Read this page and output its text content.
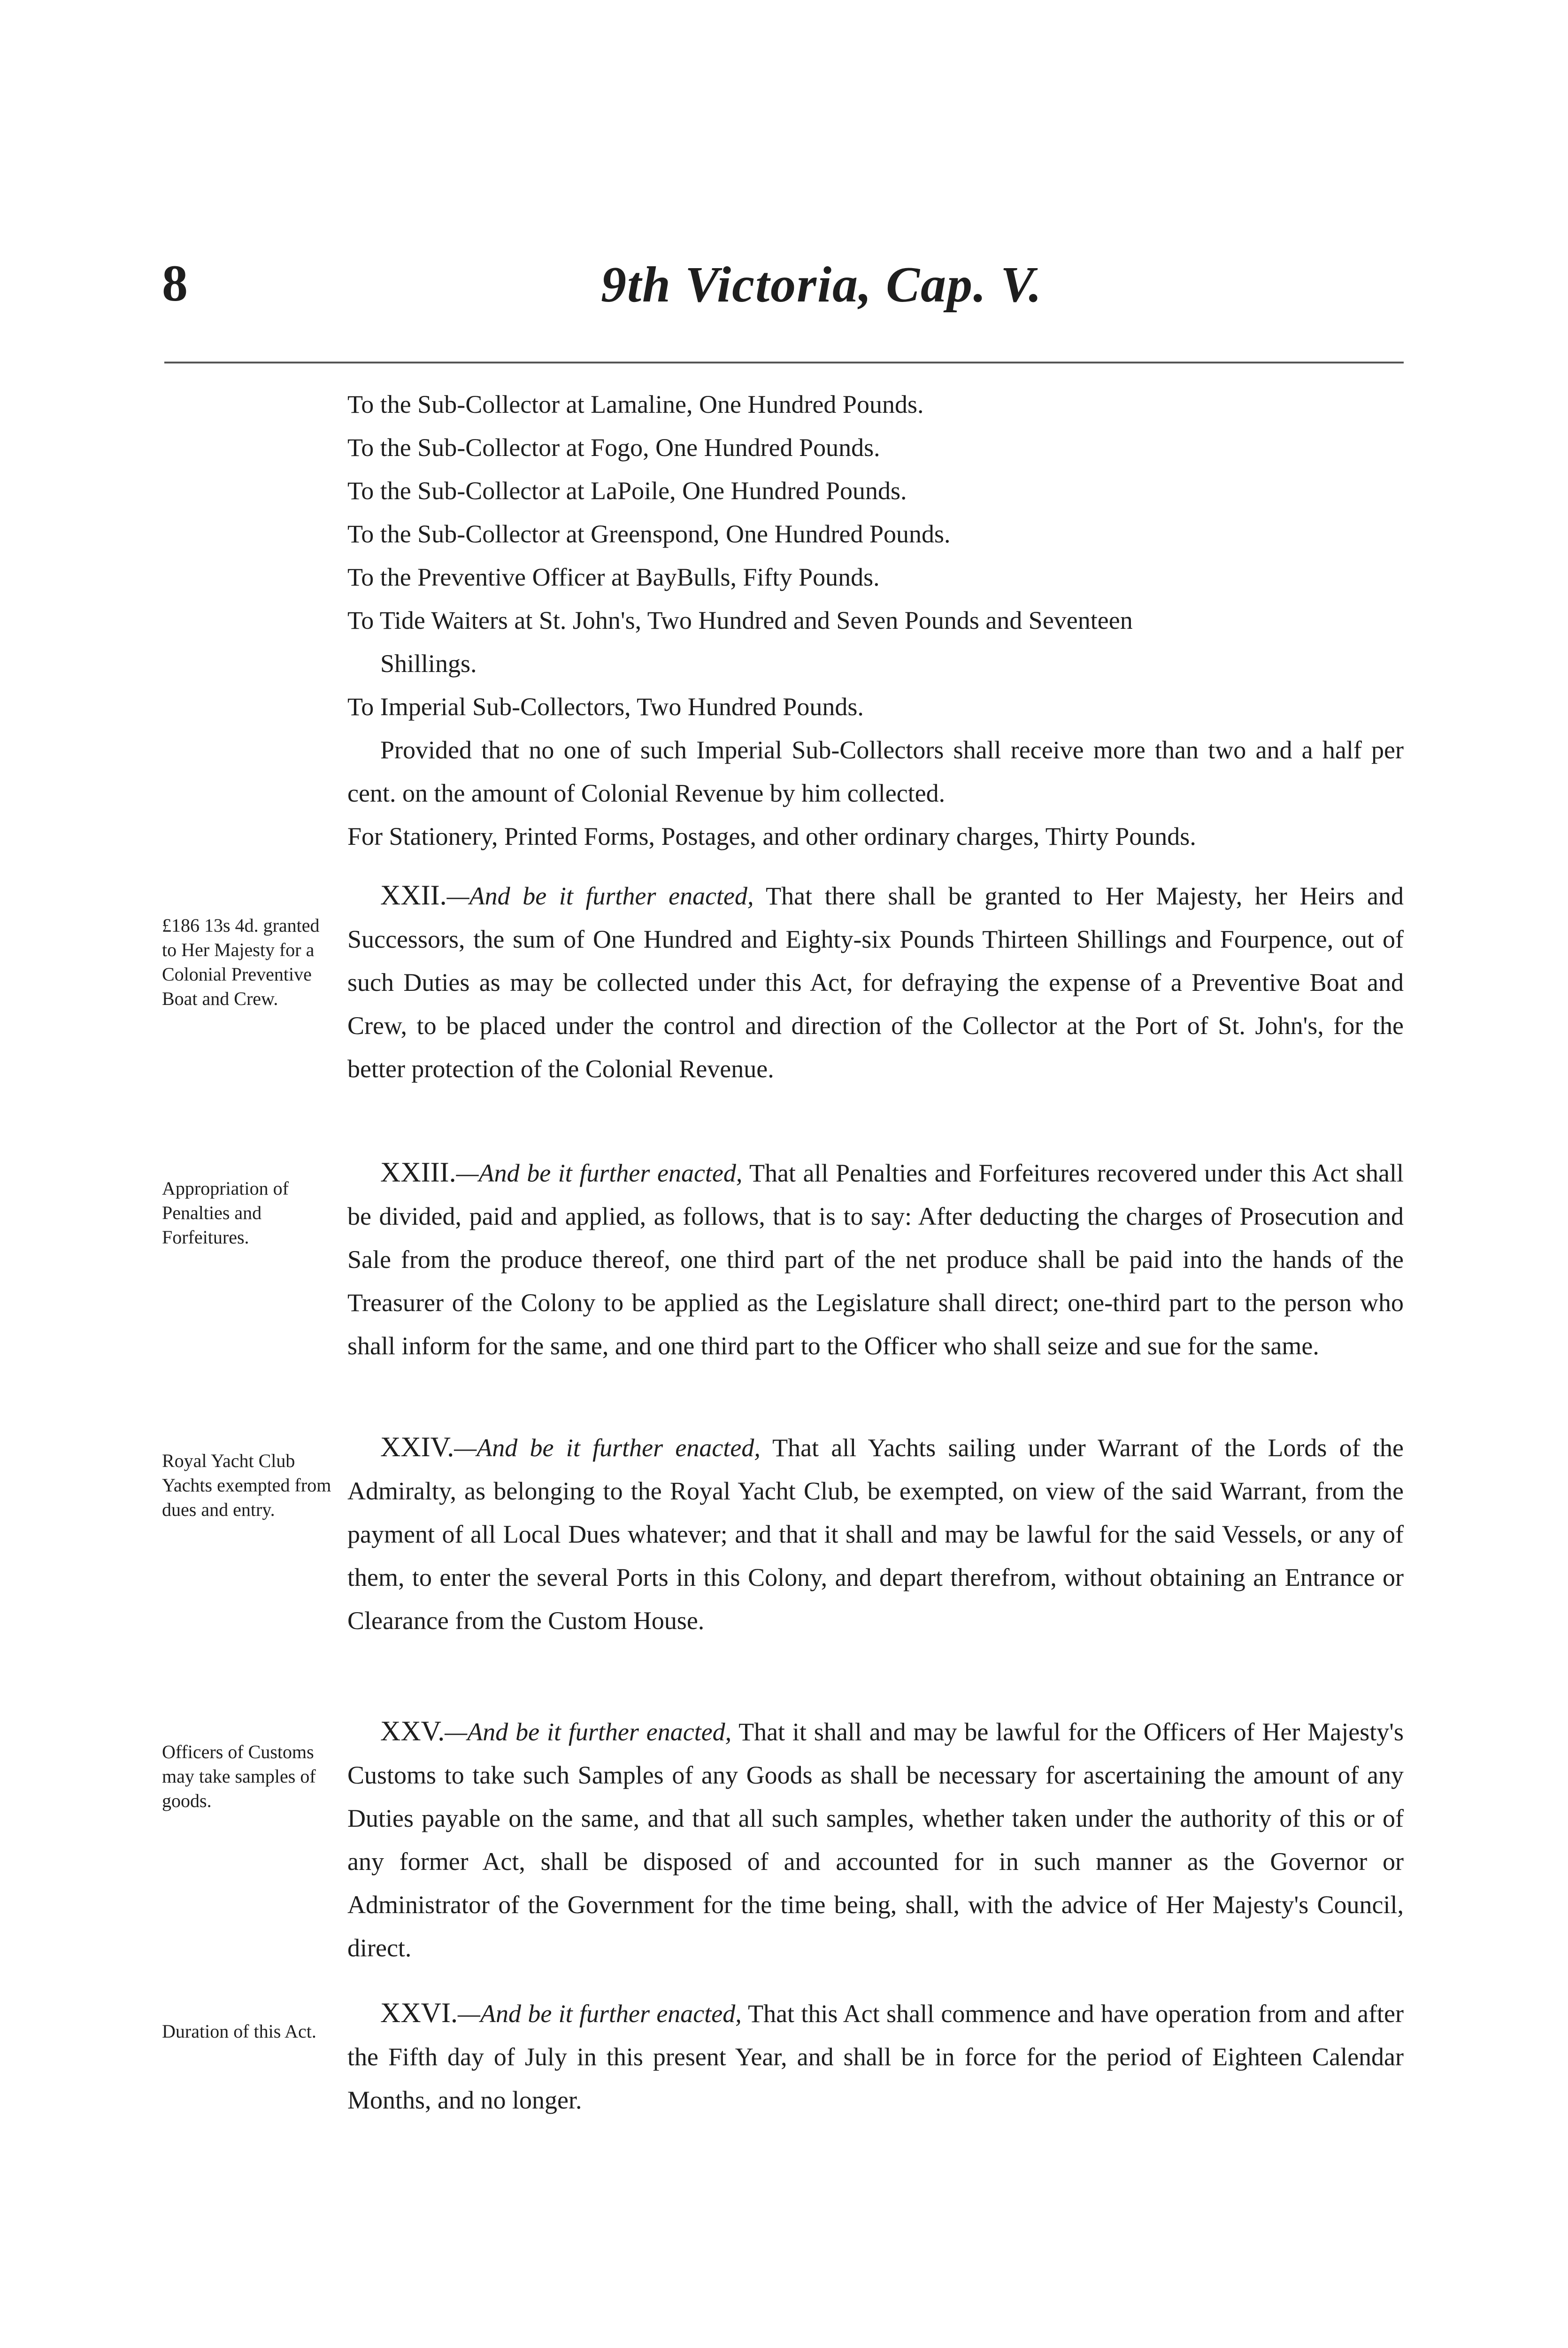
8	9th Victoria, Cap. V.
To the Sub-Collector at Lamaline, One Hundred Pounds.
To the Sub-Collector at Fogo, One Hundred Pounds.
To the Sub-Collector at LaPoile, One Hundred Pounds.
To the Sub-Collector at Greenspond, One Hundred Pounds.
To the Preventive Officer at BayBulls, Fifty Pounds.
To Tide Waiters at St. John's, Two Hundred and Seven Pounds and Seventeen
Shillings.
To Imperial Sub-Collectors, Two Hundred Pounds.
Provided that no one of such Imperial Sub-Collectors shall receive more than two and a half per cent. on the amount of Colonial Revenue by him collected.
For Stationery, Printed Forms, Postages, and other ordinary charges, Thirty Pounds.
£186 13s 4d. granted to Her Majesty for a Colonial Preventive Boat and Crew.
XXII.—And be it further enacted, That there shall be granted to Her Majesty, her Heirs and Successors, the sum of One Hundred and Eighty-six Pounds Thirteen Shillings and Fourpence, out of such Duties as may be collected under this Act, for defraying the expense of a Preventive Boat and Crew, to be placed under the control and direction of the Collector at the Port of St. John's, for the better protection of the Colonial Revenue.
Appropriation of Penalties and Forfeitures.
XXIII.—And be it further enacted, That all Penalties and Forfeitures recovered under this Act shall be divided, paid and applied, as follows, that is to say: After deducting the charges of Prosecution and Sale from the produce thereof, one third part of the net produce shall be paid into the hands of the Treasurer of the Colony to be applied as the Legislature shall direct; one-third part to the person who shall inform for the same, and one third part to the Officer who shall seize and sue for the same.
Royal Yacht Club Yachts exempted from dues and entry.
XXIV.—And be it further enacted, That all Yachts sailing under Warrant of the Lords of the Admiralty, as belonging to the Royal Yacht Club, be exempted, on view of the said Warrant, from the payment of all Local Dues whatever; and that it shall and may be lawful for the said Vessels, or any of them, to enter the several Ports in this Colony, and depart therefrom, without obtaining an Entrance or Clearance from the Custom House.
Officers of Customs may take samples of goods.
XXV.—And be it further enacted, That it shall and may be lawful for the Officers of Her Majesty's Customs to take such Samples of any Goods as shall be necessary for ascertaining the amount of any Duties payable on the same, and that all such samples, whether taken under the authority of this or of any former Act, shall be disposed of and accounted for in such manner as the Governor or Administrator of the Government for the time being, shall, with the advice of Her Majesty's Council, direct.
Duration of this Act.
XXVI.—And be it further enacted, That this Act shall commence and have operation from and after the Fifth day of July in this present Year, and shall be in force for the period of Eighteen Calendar Months, and no longer.
